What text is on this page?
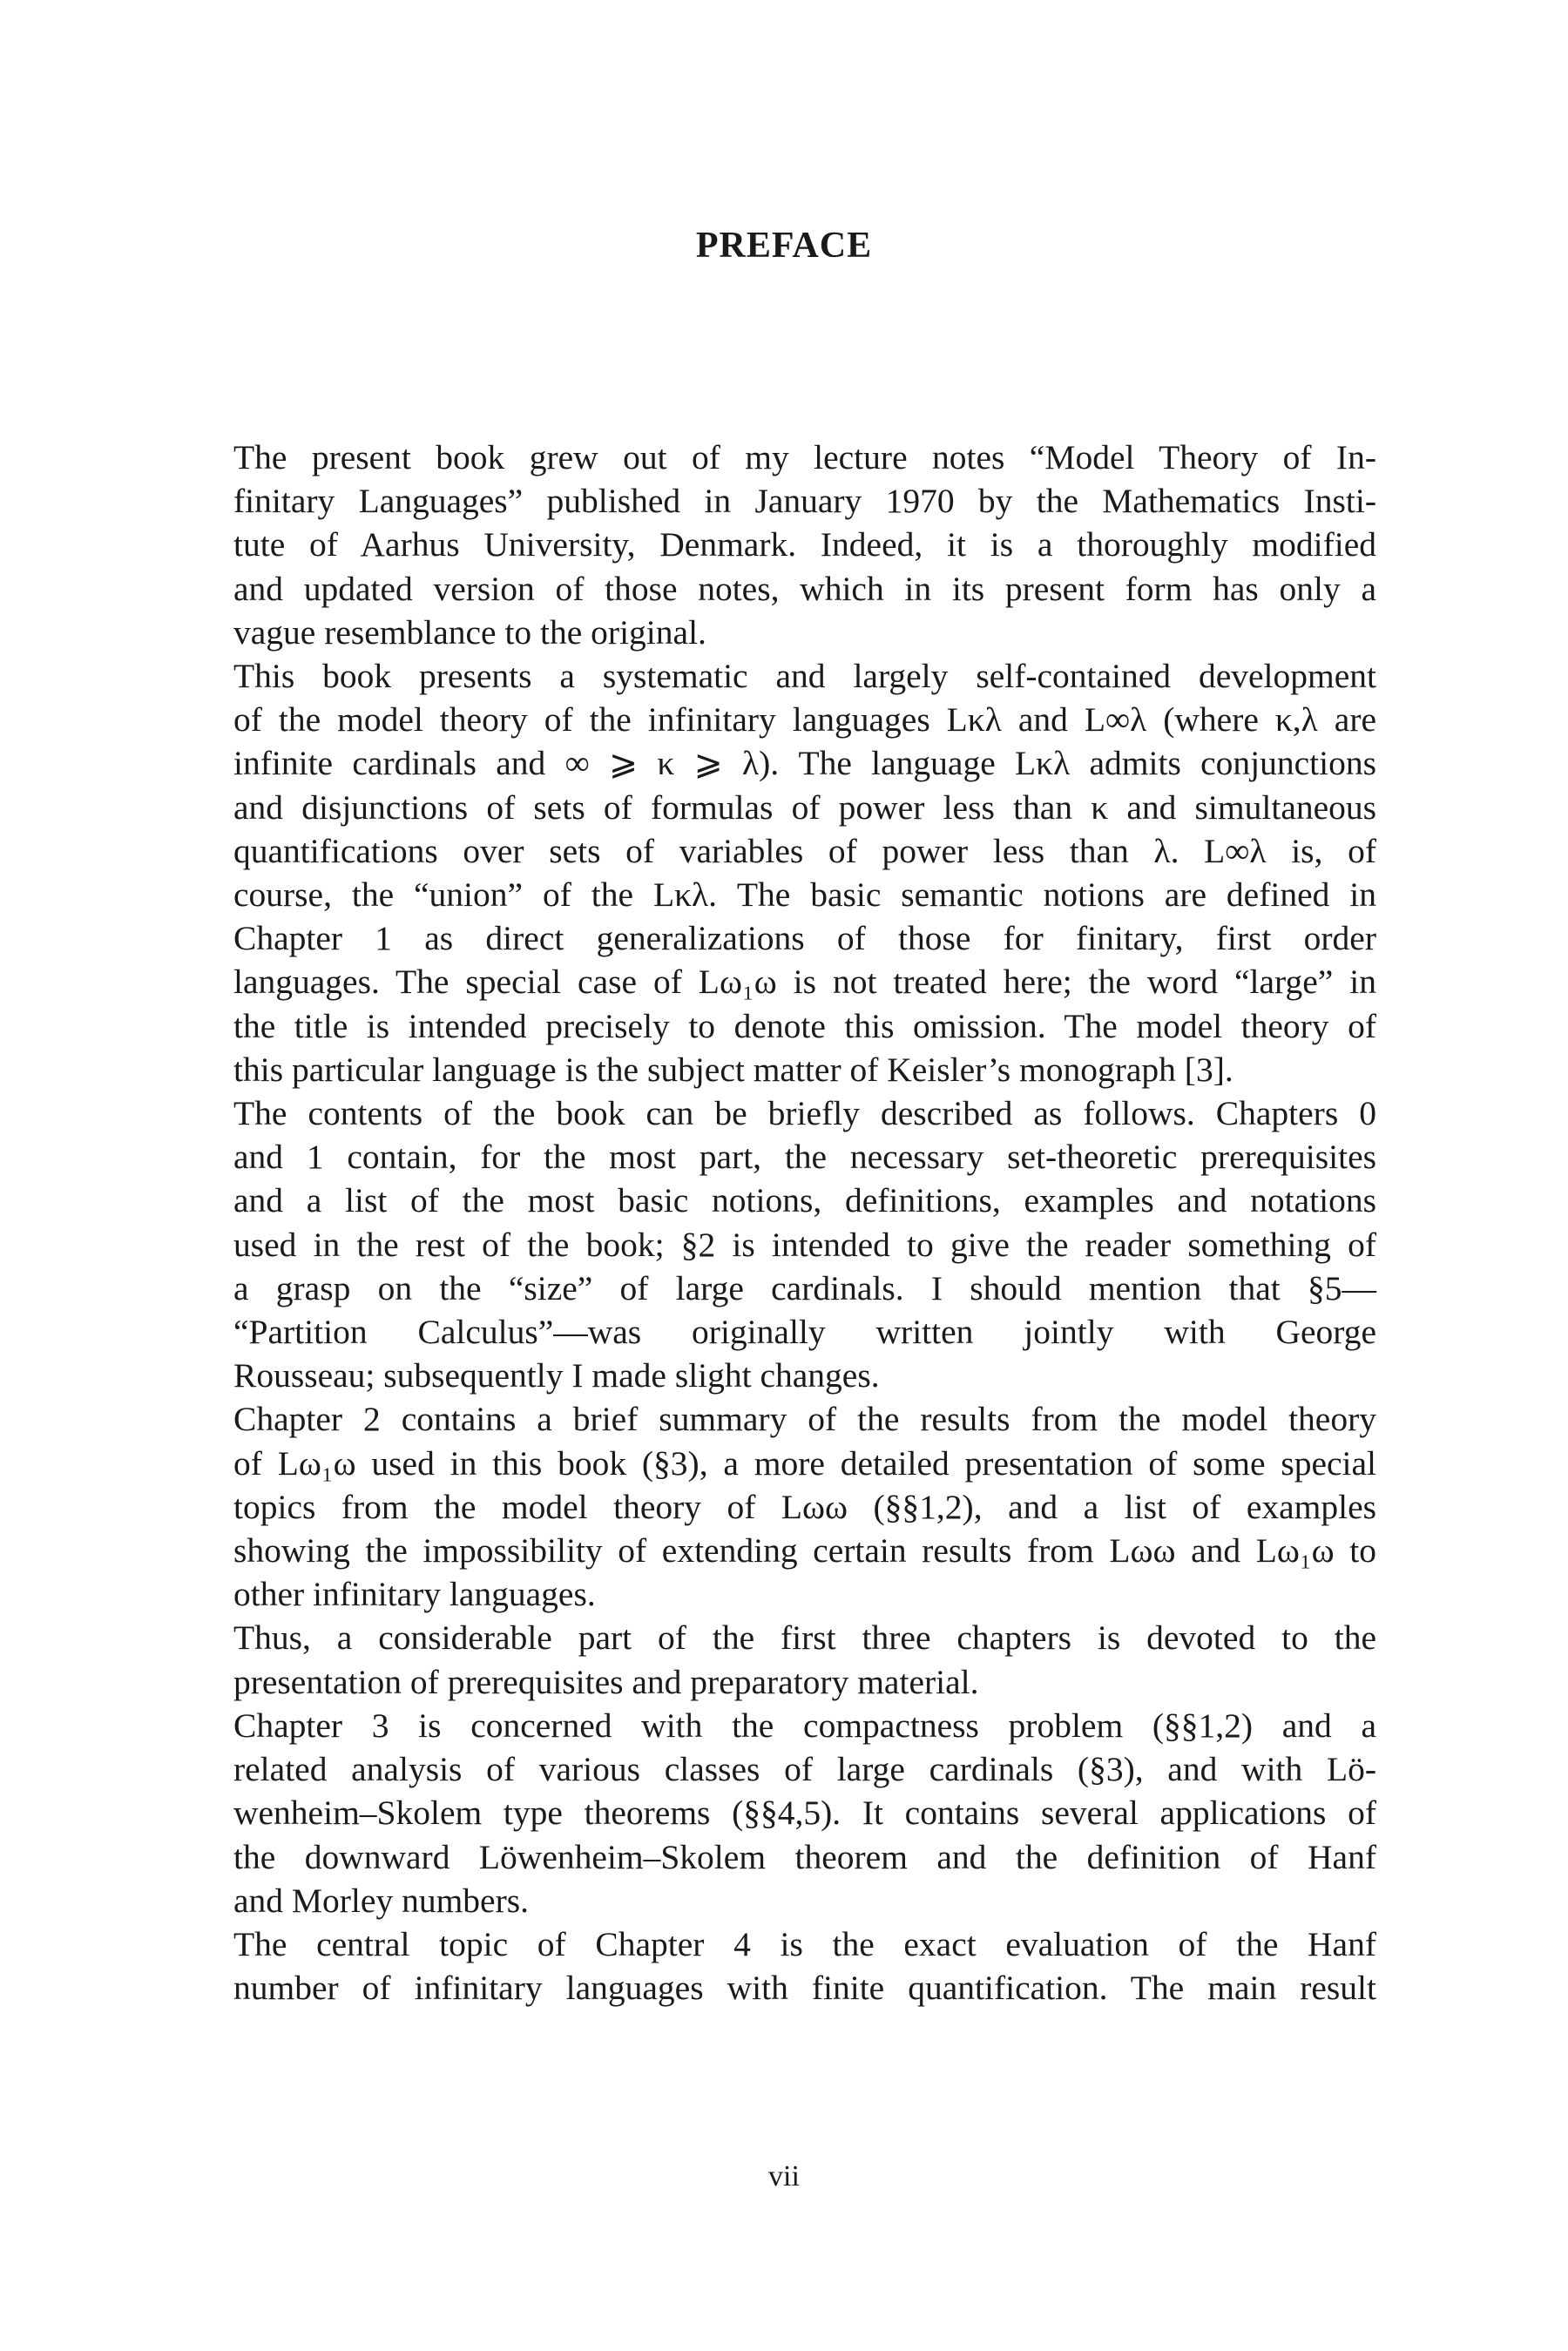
PREFACE
The present book grew out of my lecture notes “Model Theory of In-
finitary Languages” published in January 1970 by the Mathematics Insti-
tute of Aarhus University, Denmark. Indeed, it is a thoroughly modified
and updated version of those notes, which in its present form has only a
vague resemblance to the original.
This book presents a systematic and largely self-contained development
of the model theory of the infinitary languages Lκλ and L∞λ (where κ,λ are
infinite cardinals and ∞ ⩾ κ ⩾ λ). The language Lκλ admits conjunctions
and disjunctions of sets of formulas of power less than κ and simultaneous
quantifications over sets of variables of power less than λ. L∞λ is, of
course, the “union” of the Lκλ. The basic semantic notions are defined in
Chapter 1 as direct generalizations of those for finitary, first order
languages. The special case of Lω₁ω is not treated here; the word “large” in
the title is intended precisely to denote this omission. The model theory of
this particular language is the subject matter of Keisler’s monograph [3].
The contents of the book can be briefly described as follows. Chapters 0
and 1 contain, for the most part, the necessary set-theoretic prerequisites
and a list of the most basic notions, definitions, examples and notations
used in the rest of the book; §2 is intended to give the reader something of
a grasp on the “size” of large cardinals. I should mention that §5—
“Partition Calculus”—was originally written jointly with George
Rousseau; subsequently I made slight changes.
Chapter 2 contains a brief summary of the results from the model theory
of Lω₁ω used in this book (§3), a more detailed presentation of some special
topics from the model theory of Lωω (§§1,2), and a list of examples
showing the impossibility of extending certain results from Lωω and Lω₁ω to
other infinitary languages.
Thus, a considerable part of the first three chapters is devoted to the
presentation of prerequisites and preparatory material.
Chapter 3 is concerned with the compactness problem (§§1,2) and a
related analysis of various classes of large cardinals (§3), and with Lö-
wenheim–Skolem type theorems (§§4,5). It contains several applications of
the downward Löwenheim–Skolem theorem and the definition of Hanf
and Morley numbers.
The central topic of Chapter 4 is the exact evaluation of the Hanf
number of infinitary languages with finite quantification. The main result
vii
